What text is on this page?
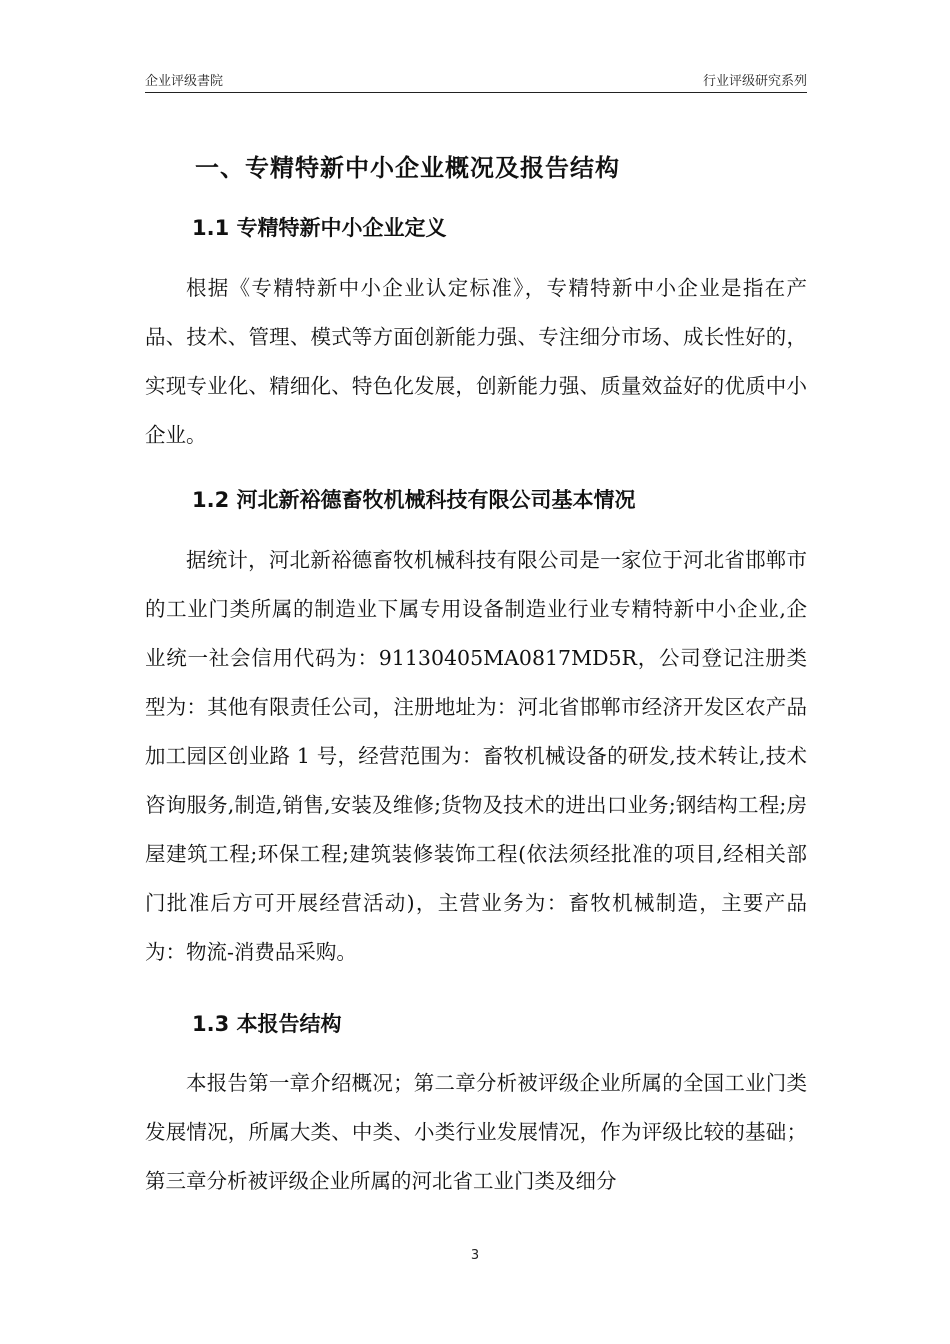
企业评级書院	行业评级研究系列
一、专精特新中小企业概况及报告结构
1.1 专精特新中小企业定义

根据《专精特新中小企业认定标准》，专精特新中小企业是指在产品、技术、管理、模式等方面创新能力强、专注细分市场、成长性好的，实现专业化、精细化、特色化发展，创新能力强、质量效益好的优质中小企业。

1.2 河北新裕德畜牧机械科技有限公司基本情况

据统计，河北新裕德畜牧机械科技有限公司是一家位于河北省邯郸市的工业门类所属的制造业下属专用设备制造业行业专精特新中小企业,企业统一社会信用代码为：91130405MA0817MD5R，公司登记注册类型为：其他有限责任公司，注册地址为：河北省邯郸市经济开发区农产品加工园区创业路 1 号，经营范围为：畜牧机械设备的研发,技术转让,技术咨询服务,制造,销售,安装及维修;货物及技术的进出口业务;钢结构工程;房屋建筑工程;环保工程;建筑装修装饰工程(依法须经批准的项目,经相关部门批准后方可开展经营活动)，主营业务为：畜牧机械制造，主要产品为：物流-消费品采购。

1.3 本报告结构

本报告第一章介绍概况；第二章分析被评级企业所属的全国工业门类发展情况，所属大类、中类、小类行业发展情况，作为评级比较的基础；第三章分析被评级企业所属的河北省工业门类及细分

3
